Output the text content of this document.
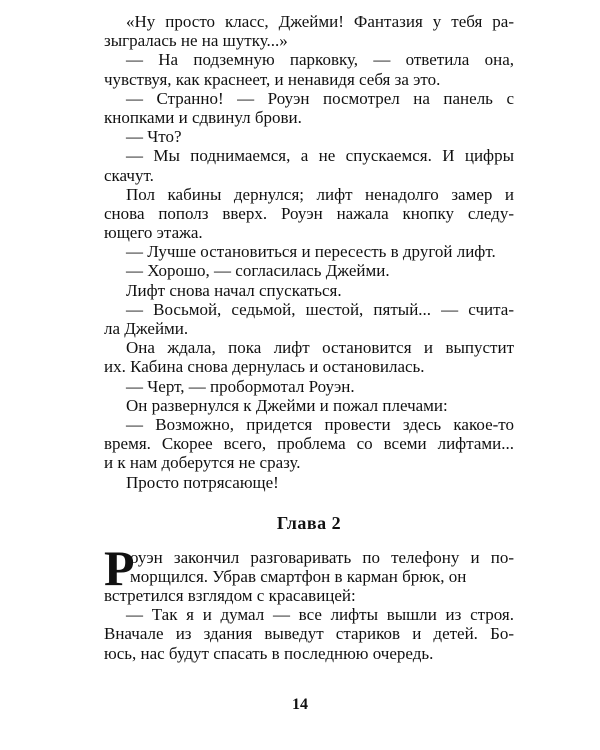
«Ну просто класс, Джейми! Фантазия у тебя ра-
зыгралась не на шутку...»
— На подземную парковку, — ответила она,
чувствуя, как краснеет, и ненавидя себя за это.
— Странно! — Роуэн посмотрел на панель с
кнопками и сдвинул брови.
— Что?
— Мы поднимаемся, а не спускаемся. И цифры
скачут.
Пол кабины дернулся; лифт ненадолго замер и
снова пополз вверх. Роуэн нажала кнопку следу-
ющего этажа.
— Лучше остановиться и пересесть в другой лифт.
— Хорошо, — согласилась Джейми.
Лифт снова начал спускаться.
— Восьмой, седьмой, шестой, пятый... — счита-
ла Джейми.
Она ждала, пока лифт остановится и выпустит
их. Кабина снова дернулась и остановилась.
— Черт, — пробормотал Роуэн.
Он развернулся к Джейми и пожал плечами:
— Возможно, придется провести здесь какое-то
время. Скорее всего, проблема со всеми лифтами...
и к нам доберутся не сразу.
Просто потрясающе!
Глава 2
Р
оуэн закончил разговаривать по телефону и по-
морщился. Убрав смартфон в карман брюк, он
встретился взглядом с красавицей:
— Так я и думал — все лифты вышли из строя.
Вначале из здания выведут стариков и детей. Бо-
юсь, нас будут спасать в последнюю очередь.
14
